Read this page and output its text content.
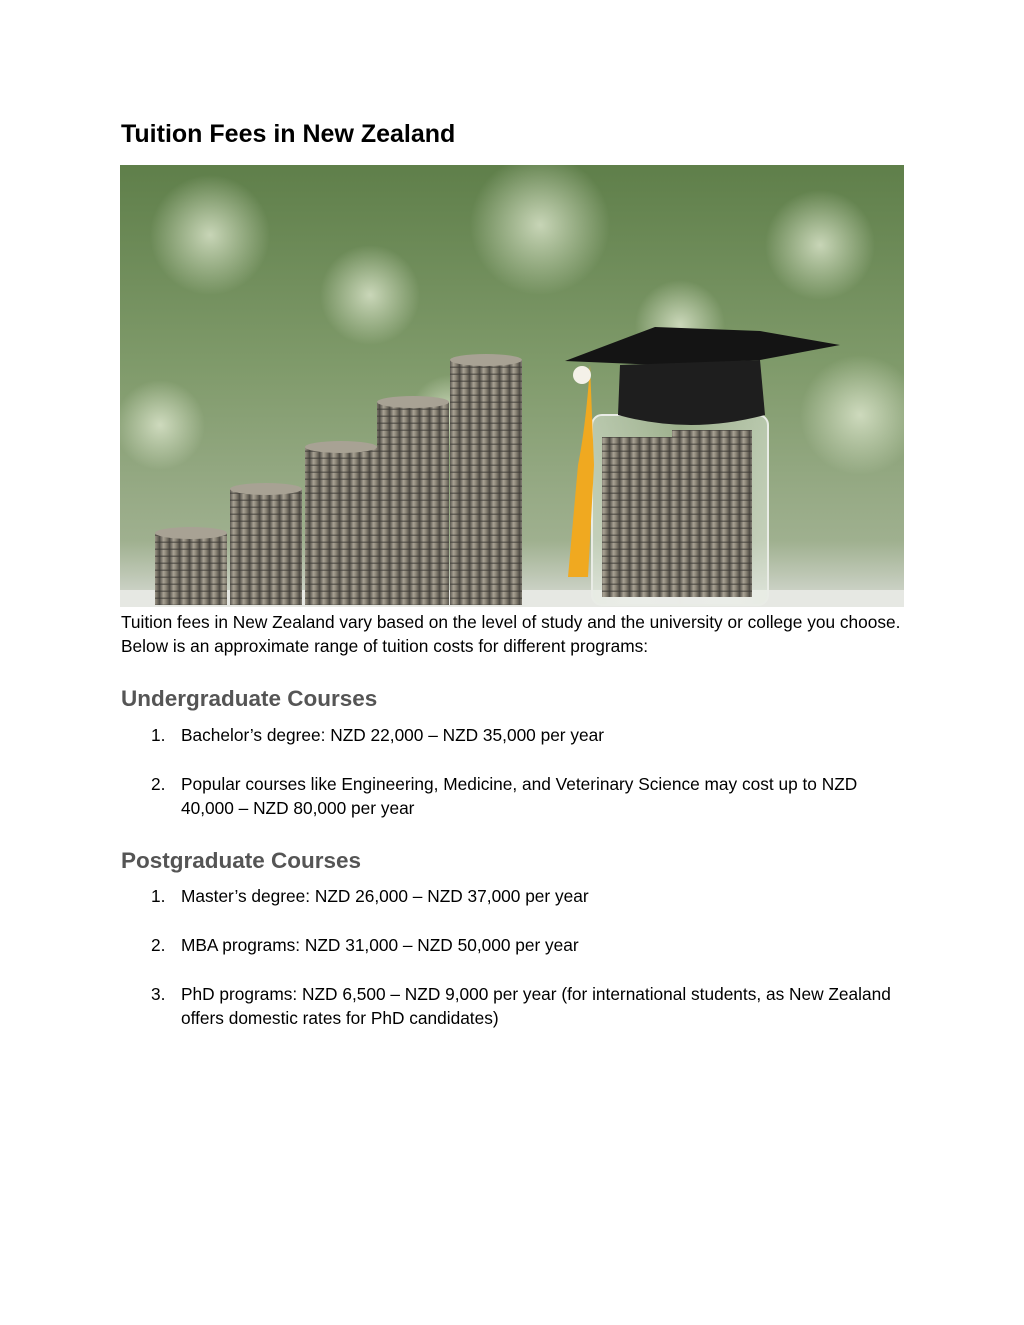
Tuition Fees in New Zealand

Tuition fees in New Zealand vary based on the level of study and the university or college you choose. Below is an approximate range of tuition costs for different programs:

Undergraduate Courses
1. Bachelor’s degree: NZD 22,000 – NZD 35,000 per year
2. Popular courses like Engineering, Medicine, and Veterinary Science may cost up to NZD 40,000 – NZD 80,000 per year
Postgraduate Courses
1. Master’s degree: NZD 26,000 – NZD 37,000 per year
2. MBA programs: NZD 31,000 – NZD 50,000 per year
3. PhD programs: NZD 6,500 – NZD 9,000 per year (for international students, as New Zealand offers domestic rates for PhD candidates)
